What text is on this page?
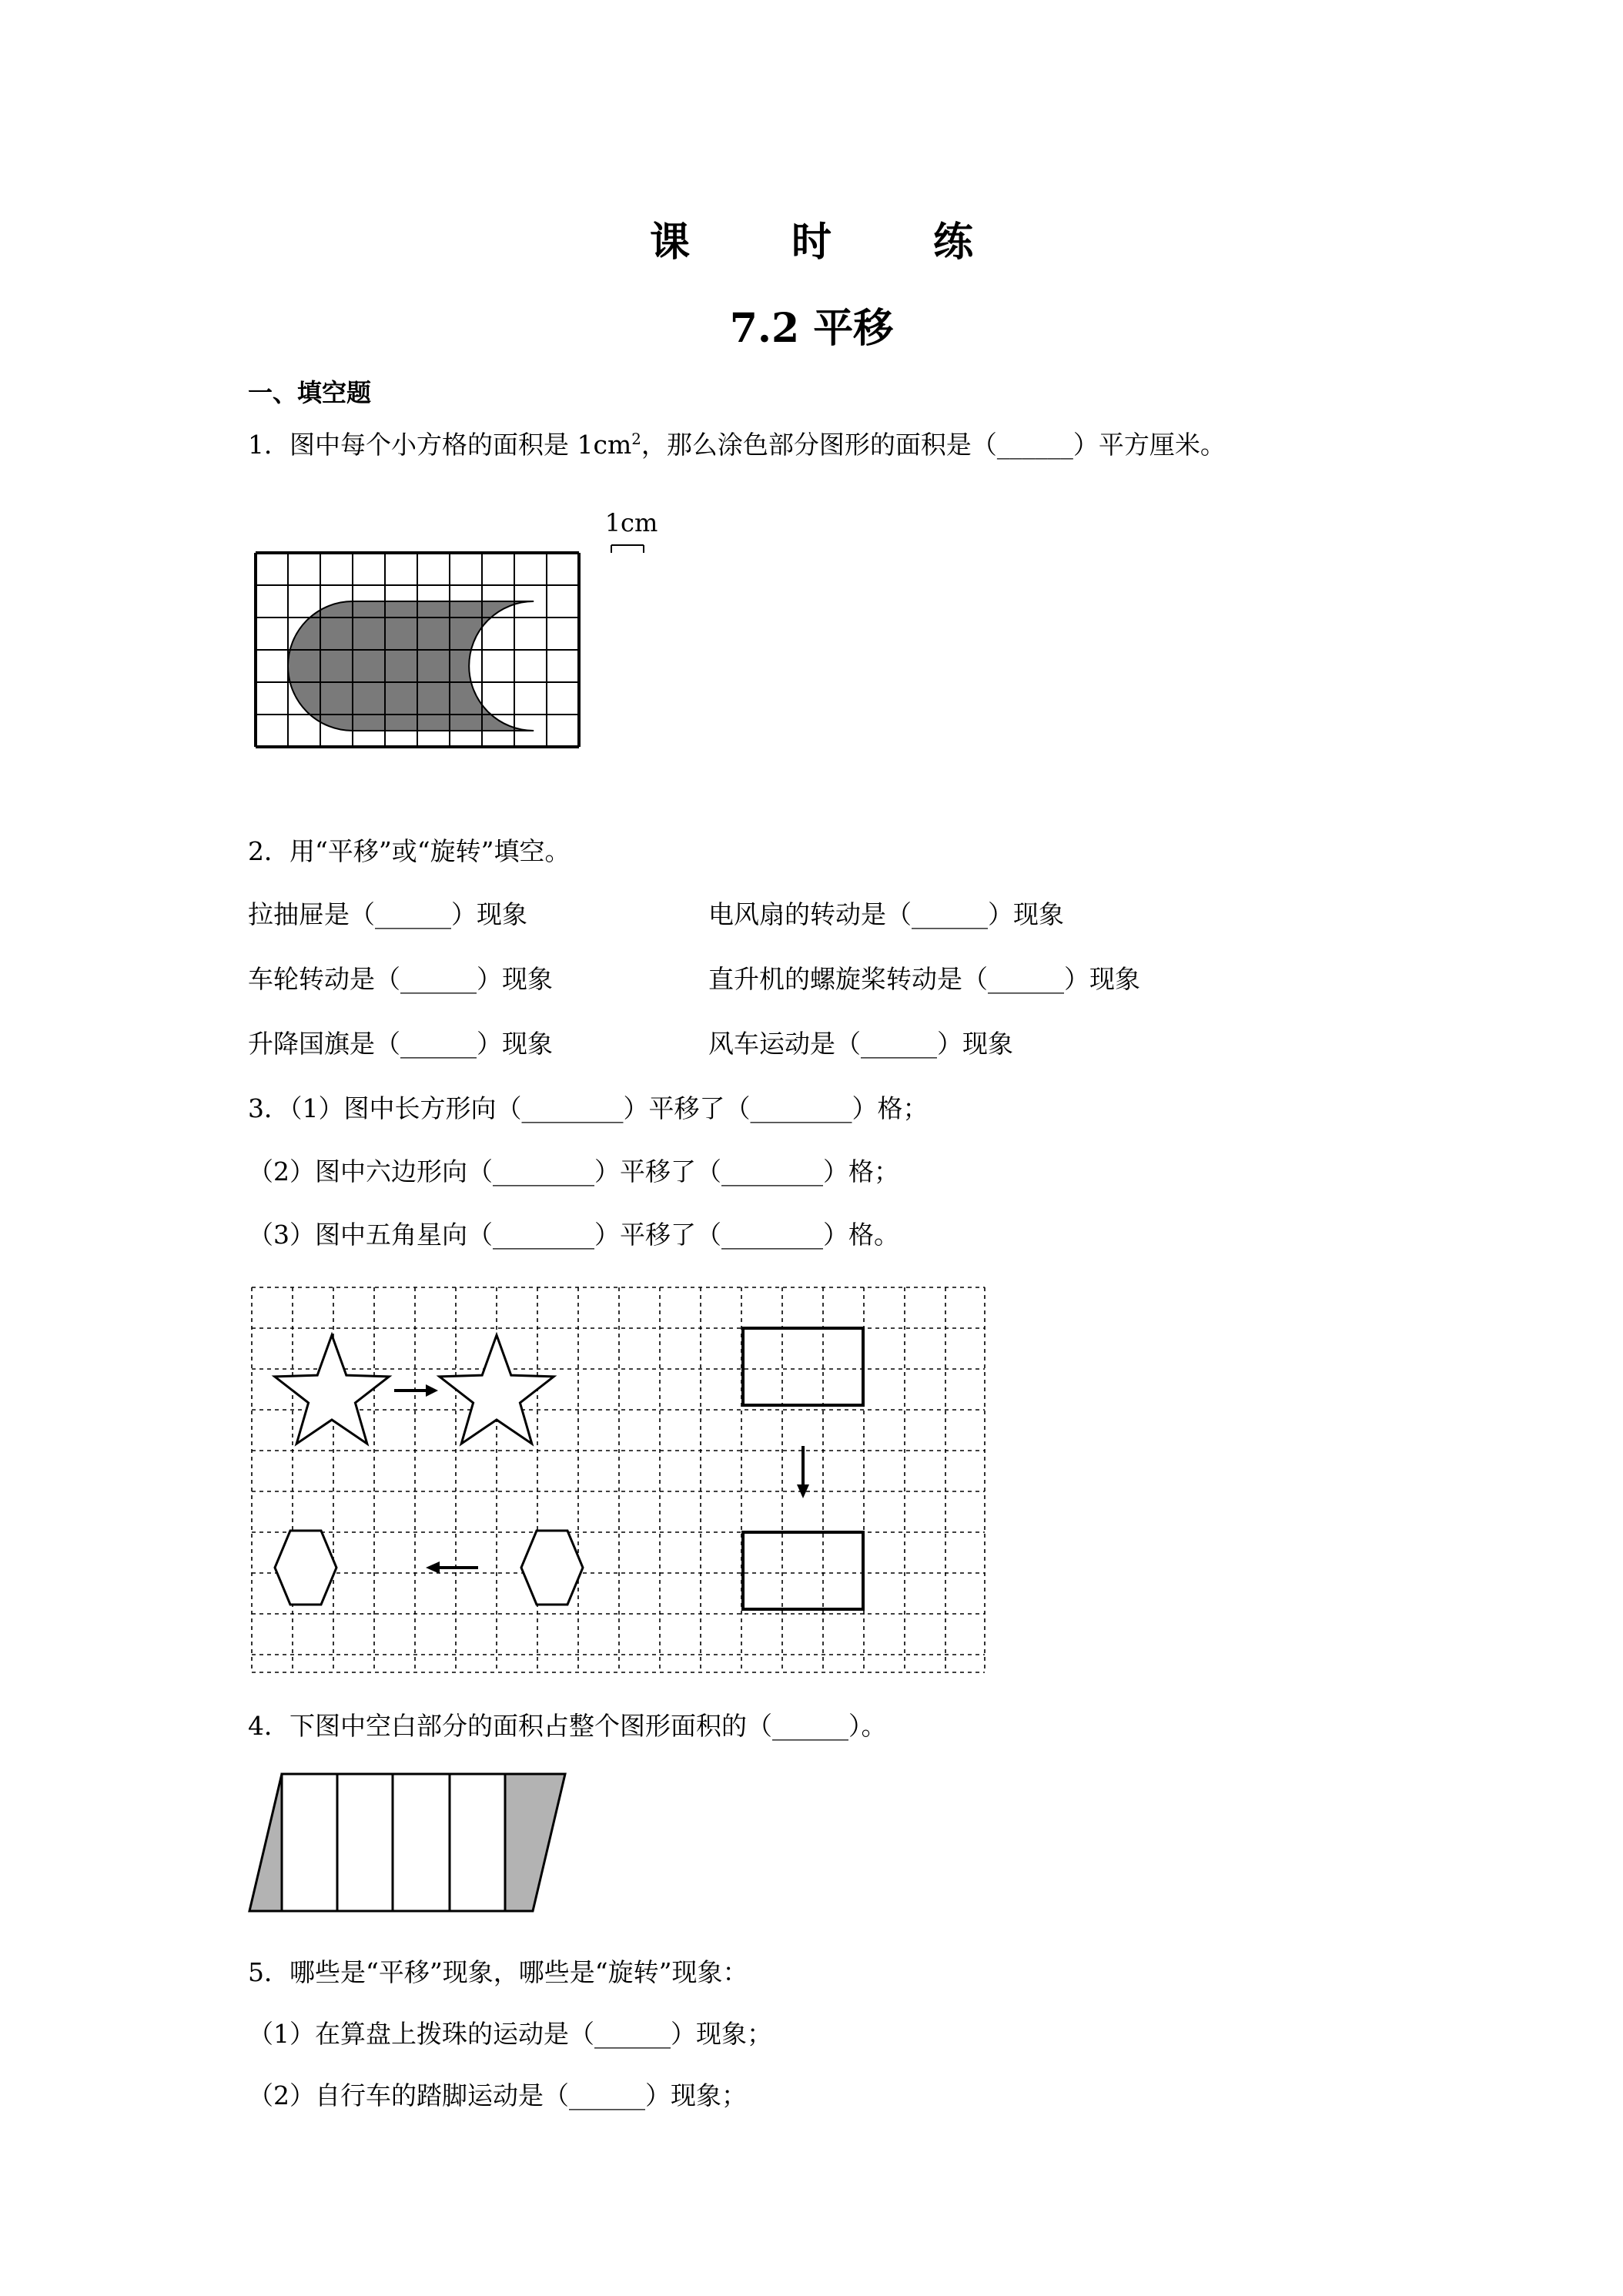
课　时　练
7.2 平移
一、填空题
1．图中每个小方格的面积是 $1cm^2$，那么涂色部分图形的面积是（______）平方厘米。
1cm
2．用“平移”或“旋转”填空。
拉抽屉是（______）现象	电风扇的转动是（______）现象
车轮转动是（______）现象	直升机的螺旋桨转动是（______）现象
升降国旗是（______）现象	风车运动是（______）现象
3．（1）图中长方形向（________）平移了（________）格；
（2）图中六边形向（________）平移了（________）格；
（3）图中五角星向（________）平移了（________）格。
4．下图中空白部分的面积占整个图形面积的（______）。
5．哪些是“平移”现象，哪些是“旋转”现象：
（1）在算盘上拨珠的运动是（______）现象；
（2）自行车的踏脚运动是（______）现象；
